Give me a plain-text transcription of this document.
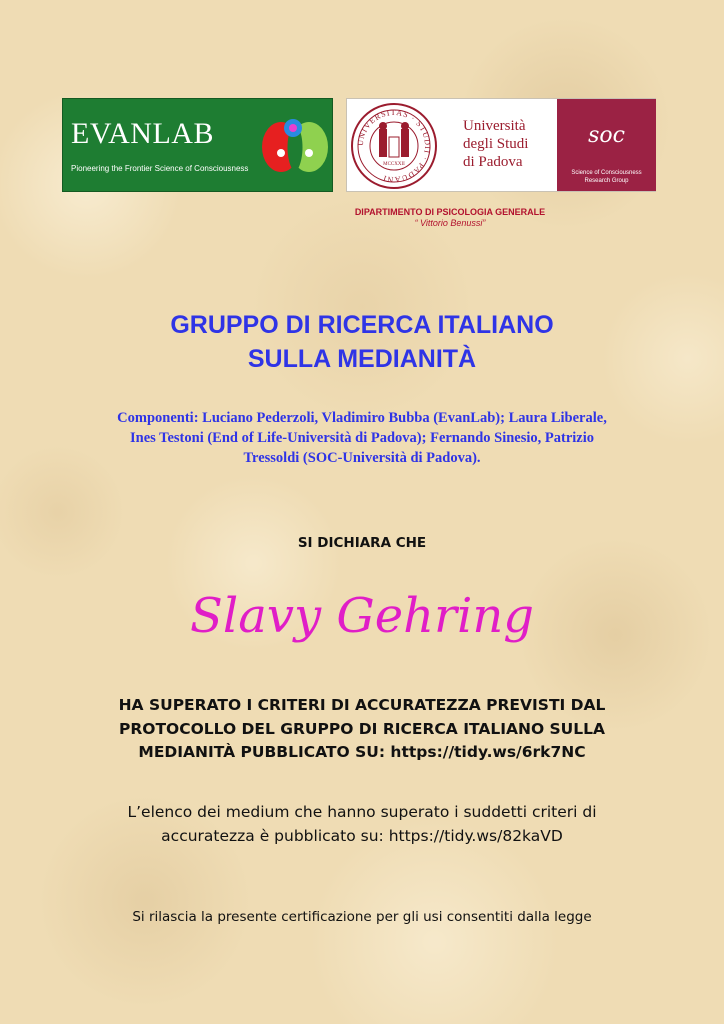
EVANLAB
Pioneering the Frontier Science of Consciousness
UNIVERSITAS · STUDII · PADUANI
MCCXXII
Università
degli Studi
di Padova
soc
Science of Consciousness
Research Group
DIPARTIMENTO DI PSICOLOGIA GENERALE
“ Vittorio Benussi”
GRUPPO DI RICERCA ITALIANO
SULLA MEDIANITÀ
Componenti: Luciano Pederzoli, Vladimiro Bubba (EvanLab); Laura Liberale,
Ines Testoni (End of Life-Università di Padova); Fernando Sinesio, Patrizio
Tressoldi (SOC-Università di Padova).
SI DICHIARA CHE
Slavy Gehring
HA SUPERATO I CRITERI DI ACCURATEZZA PREVISTI DAL
PROTOCOLLO DEL GRUPPO DI RICERCA ITALIANO SULLA
MEDIANITÀ PUBBLICATO SU: https://tidy.ws/6rk7NC
L’elenco dei medium che hanno superato i suddetti criteri di
accuratezza è pubblicato su: https://tidy.ws/82kaVD
Si rilascia la presente certificazione per gli usi consentiti dalla legge
